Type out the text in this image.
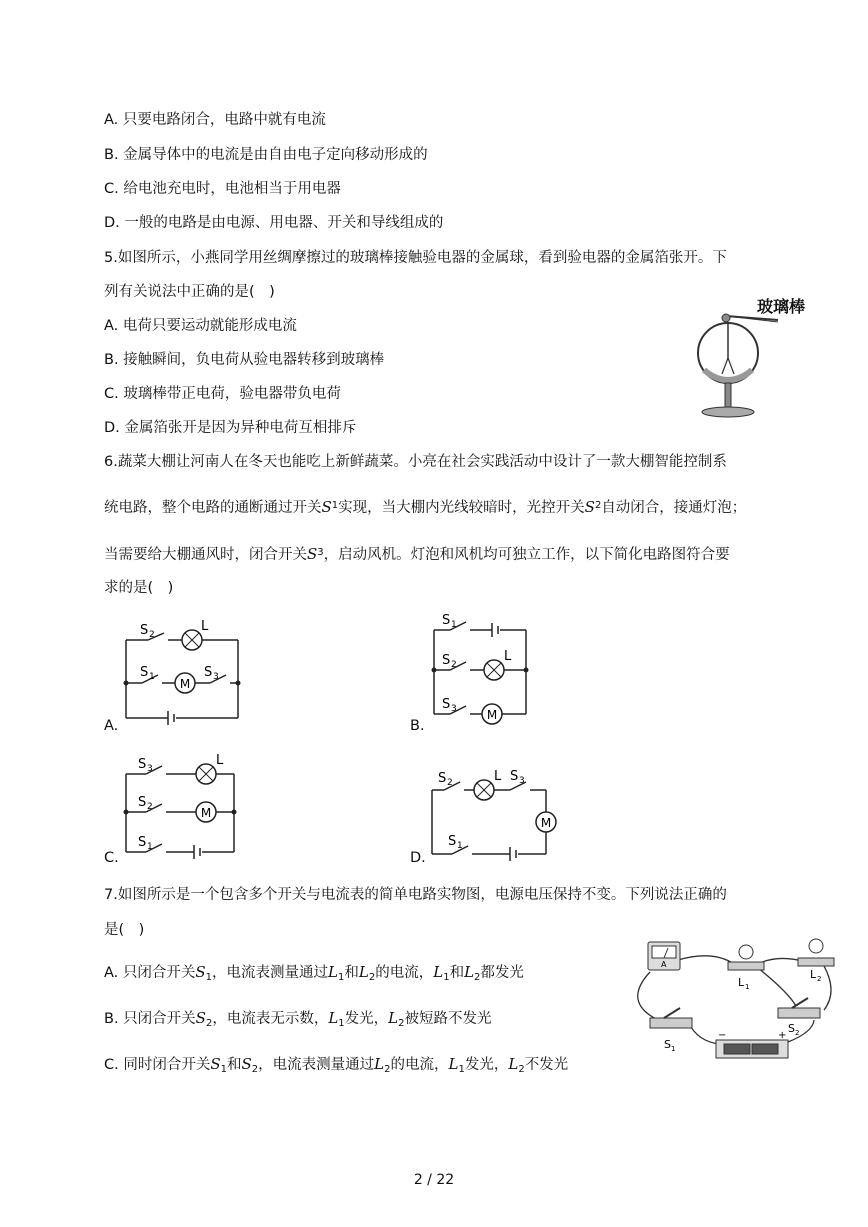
A. 只要电路闭合，电路中就有电流
B. 金属导体中的电流是由自由电子定向移动形成的
C. 给电池充电时，电池相当于用电器
D. 一般的电路是由电源、用电器、开关和导线组成的
5.如图所示，小燕同学用丝绸摩擦过的玻璃棒接触验电器的金属球，看到验电器的金属箔张开。下
列有关说法中正确的是(　)
A. 电荷只要运动就能形成电流
B. 接触瞬间，负电荷从验电器转移到玻璃棒
C. 玻璃棒带正电荷，验电器带负电荷
D. 金属箔张开是因为异种电荷互相排斥
玻璃棒
6.蔬菜大棚让河南人在冬天也能吃上新鲜蔬菜。小亮在社会实践活动中设计了一款大棚智能控制系
统电路，整个电路的通断通过开关$S^1$实现，当大棚内光线较暗时，光控开关$S^2$自动闭合，接通灯泡；
当需要给大棚通风时，闭合开关$S^3$，启动风机。灯泡和风机均可独立工作，以下简化电路图符合要
求的是(　)
A.
M
S 2
L
S 1	S 3
B.
M
S 1
S 2
L
S 3
C.
M
S 3
L
S 2
S 1
D.
M
S 2	L S 3
S 1
7.如图所示是一个包含多个开关与电流表的简单电路实物图，电源电压保持不变。下列说法正确的
是(　)
A. 只闭合开关$S_1$，电流表测量通过$L_1$和$L_2$的电流，$L_1$和$L_2$都发光
B. 只闭合开关$S_2$，电流表无示数，$L_1$发光，$L_2$被短路不发光
C. 同时闭合开关$S_1$和$S_2$，电流表测量通过$L_2$的电流，$L_1$发光，$L_2$不发光
A
L 1
L 2
S 1
S 2
−	+
2 / 22
